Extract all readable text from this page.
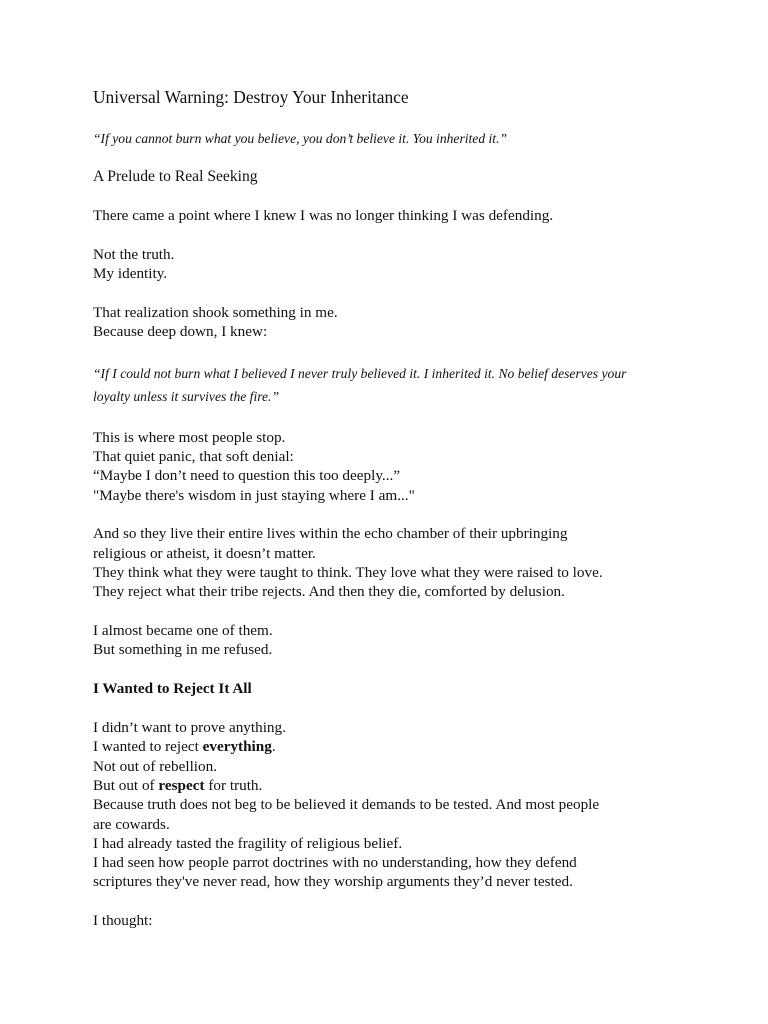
Universal Warning: Destroy Your Inheritance

“If you cannot burn what you believe, you don’t believe it. You inherited it.”

A Prelude to Real Seeking

There came a point where I knew I was no longer thinking I was defending.

Not the truth.
My identity.

That realization shook something in me.
Because deep down, I knew:

“If I could not burn what I believed I never truly believed it. I inherited it. No belief deserves your
loyalty unless it survives the fire.”

This is where most people stop.
That quiet panic, that soft denial:
“Maybe I don’t need to question this too deeply...”
"Maybe there's wisdom in just staying where I am..."

And so they live their entire lives within the echo chamber of their upbringing
religious or atheist, it doesn’t matter.
They think what they were taught to think. They love what they were raised to love.
They reject what their tribe rejects. And then they die, comforted by delusion.

I almost became one of them.
But something in me refused.

I Wanted to Reject It All

I didn’t want to prove anything.
I wanted to reject everything.
Not out of rebellion.
But out of respect for truth.
Because truth does not beg to be believed it demands to be tested. And most people
are cowards.
I had already tasted the fragility of religious belief.
I had seen how people parrot doctrines with no understanding, how they defend
scriptures they've never read, how they worship arguments they’d never tested.

I thought:
